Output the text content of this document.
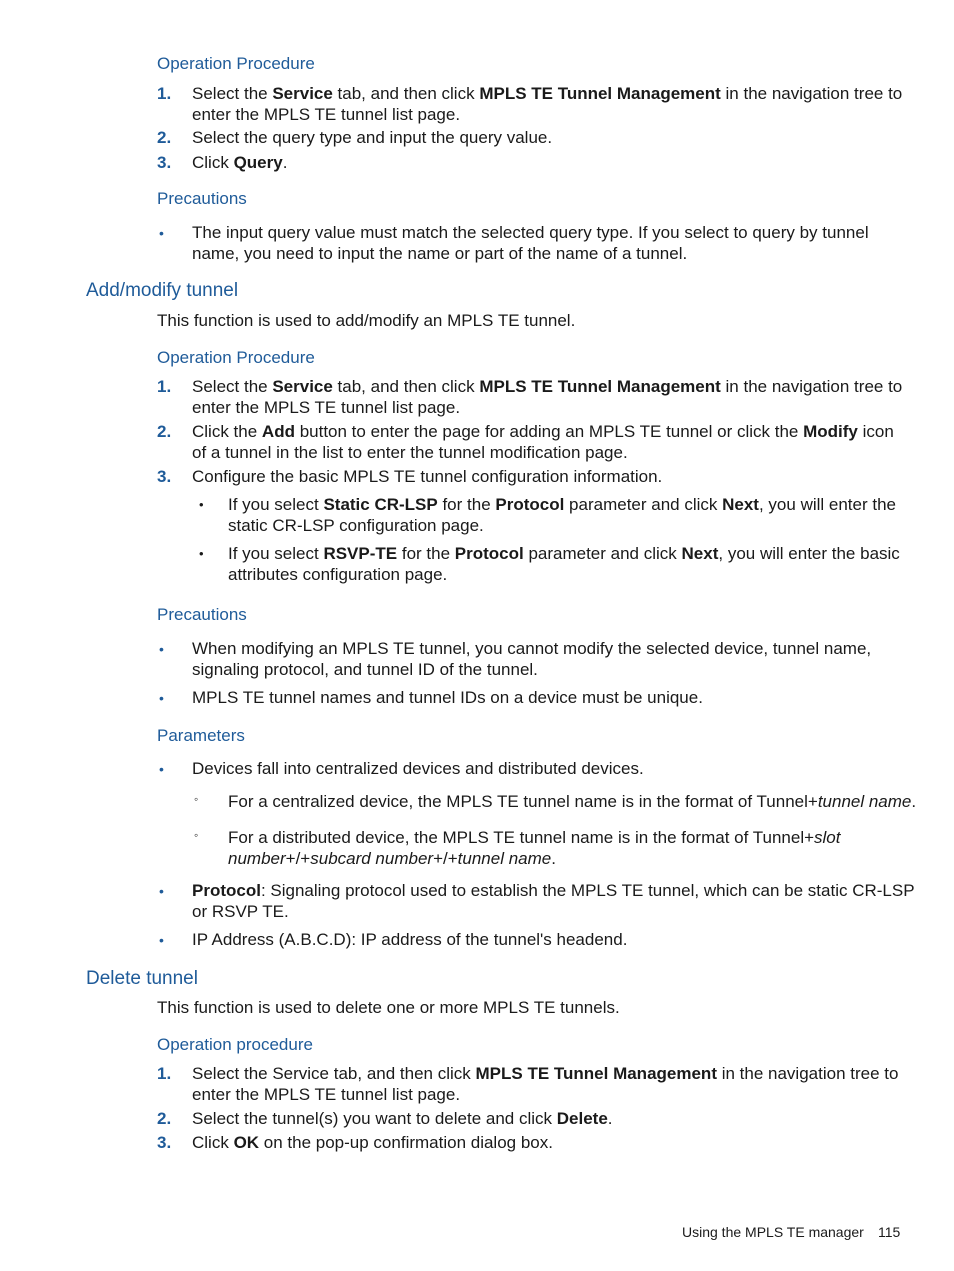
Operation Procedure
1. Select the Service tab, and then click MPLS TE Tunnel Management in the navigation tree to
enter the MPLS TE tunnel list page.
2. Select the query type and input the query value.
3. Click Query.
Precautions
• The input query value must match the selected query type. If you select to query by tunnel
name, you need to input the name or part of the name of a tunnel.
Add/modify tunnel
This function is used to add/modify an MPLS TE tunnel.
Operation Procedure
1. Select the Service tab, and then click MPLS TE Tunnel Management in the navigation tree to
enter the MPLS TE tunnel list page.
2. Click the Add button to enter the page for adding an MPLS TE tunnel or click the Modify icon
of a tunnel in the list to enter the tunnel modification page.
3. Configure the basic MPLS TE tunnel configuration information.
• If you select Static CR-LSP for the Protocol parameter and click Next, you will enter the
static CR-LSP configuration page.
• If you select RSVP-TE for the Protocol parameter and click Next, you will enter the basic
attributes configuration page.
Precautions
• When modifying an MPLS TE tunnel, you cannot modify the selected device, tunnel name,
signaling protocol, and tunnel ID of the tunnel.
• MPLS TE tunnel names and tunnel IDs on a device must be unique.
Parameters
• Devices fall into centralized devices and distributed devices.
◦ For a centralized device, the MPLS TE tunnel name is in the format of Tunnel+tunnel name.
◦ For a distributed device, the MPLS TE tunnel name is in the format of Tunnel+slot
number+/+subcard number+/+tunnel name.
• Protocol: Signaling protocol used to establish the MPLS TE tunnel, which can be static CR-LSP
or RSVP TE.
• IP Address (A.B.C.D): IP address of the tunnel's headend.
Delete tunnel
This function is used to delete one or more MPLS TE tunnels.
Operation procedure
1. Select the Service tab, and then click MPLS TE Tunnel Management in the navigation tree to
enter the MPLS TE tunnel list page.
2. Select the tunnel(s) you want to delete and click Delete.
3. Click OK on the pop-up confirmation dialog box.
Using the MPLS TE manager 115
